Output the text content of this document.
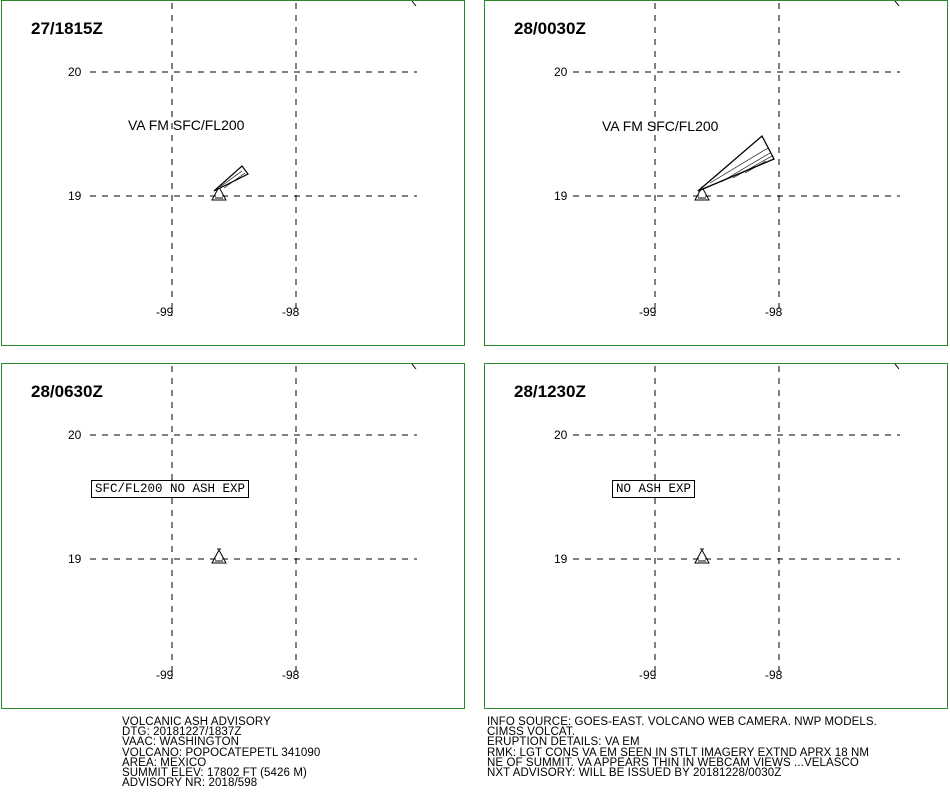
27/1815Z
20
19
-99	-98
VA FM SFC/FL200
28/0030Z
20
19
-99	-98
VA FM SFC/FL200
28/0630Z
20
19
-99	-98
SFC/FL200 NO ASH EXP
28/1230Z
20
19
-99	-98
NO ASH EXP
VOLCANIC ASH ADVISORY
DTG: 20181227/1837Z
VAAC: WASHINGTON
VOLCANO: POPOCATEPETL 341090
AREA: MEXICO
SUMMIT ELEV: 17802 FT (5426 M)
ADVISORY NR: 2018/598
INFO SOURCE: GOES-EAST. VOLCANO WEB CAMERA. NWP MODELS.
CIMSS VOLCAT.
ERUPTION DETAILS: VA EM
RMK: LGT CONS VA EM SEEN IN STLT IMAGERY EXTND APRX 18 NM
NE OF SUMMIT. VA APPEARS THIN IN WEBCAM VIEWS ...VELASCO
NXT ADVISORY: WILL BE ISSUED BY 20181228/0030Z
